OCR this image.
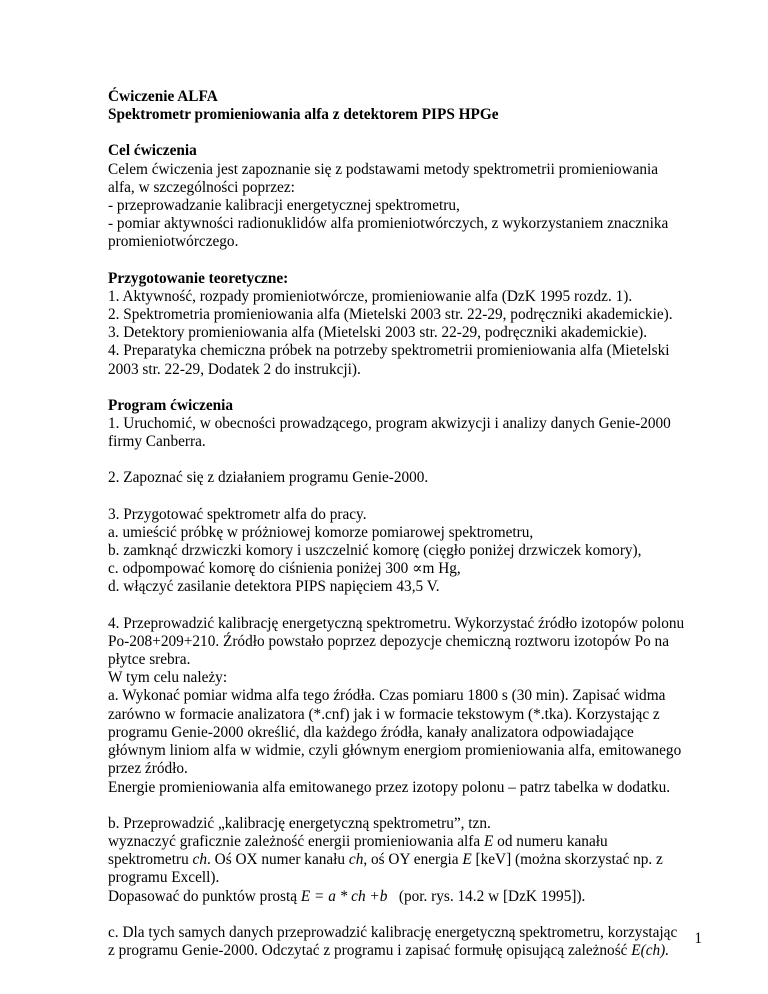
Ćwiczenie ALFA
Spektrometr promieniowania alfa z detektorem PIPS HPGe
Cel ćwiczenia
Celem ćwiczenia jest zapoznanie się z podstawami metody spektrometrii promieniowania
alfa, w szczególności poprzez:
- przeprowadzanie kalibracji energetycznej spektrometru,
- pomiar aktywności radionuklidów alfa promieniotwórczych, z wykorzystaniem znacznika
promieniotwórczego.
Przygotowanie teoretyczne:
1. Aktywność, rozpady promieniotwórcze, promieniowanie alfa (DzK 1995 rozdz. 1).
2. Spektrometria promieniowania alfa (Mietelski 2003 str. 22-29, podręczniki akademickie).
3. Detektory promieniowania alfa (Mietelski 2003 str. 22-29, podręczniki akademickie).
4. Preparatyka chemiczna próbek na potrzeby spektrometrii promieniowania alfa (Mietelski
2003 str. 22-29, Dodatek 2 do instrukcji).
Program ćwiczenia
1. Uruchomić, w obecności prowadzącego, program akwizycji i analizy danych Genie-2000
firmy Canberra.
2. Zapoznać się z działaniem programu Genie-2000.
3. Przygotować spektrometr alfa do pracy.
a. umieścić próbkę w próżniowej komorze pomiarowej spektrometru,
b. zamknąć drzwiczki komory i uszczelnić komorę (cięgło poniżej drzwiczek komory),
c. odpompować komorę do ciśnienia poniżej 300 ∝m Hg,
d. włączyć zasilanie detektora PIPS napięciem 43,5 V.
4. Przeprowadzić kalibrację energetyczną spektrometru. Wykorzystać źródło izotopów polonu
Po-208+209+210. Źródło powstało poprzez depozycje chemiczną roztworu izotopów Po na
płytce srebra.
W tym celu należy:
a. Wykonać pomiar widma alfa tego źródła. Czas pomiaru 1800 s (30 min). Zapisać widma
zarówno w formacie analizatora (*.cnf) jak i w formacie tekstowym (*.tka). Korzystając z
programu Genie-2000 określić, dla każdego źródła, kanały analizatora odpowiadające
głównym liniom alfa w widmie, czyli głównym energiom promieniowania alfa, emitowanego
przez źródło.
Energie promieniowania alfa emitowanego przez izotopy polonu – patrz tabelka w dodatku.
b. Przeprowadzić „kalibrację energetyczną spektrometru”, tzn.
wyznaczyć graficznie zależność energii promieniowania alfa E od numeru kanału
spektrometru ch. Oś OX numer kanału ch, oś OY energia E [keV] (można skorzystać np. z
programu Excell).
Dopasować do punktów prostą E = a * ch +b   (por. rys. 14.2 w [DzK 1995]).
c. Dla tych samych danych przeprowadzić kalibrację energetyczną spektrometru, korzystając
z programu Genie-2000. Odczytać z programu i zapisać formułę opisującą zależność E(ch).
1
